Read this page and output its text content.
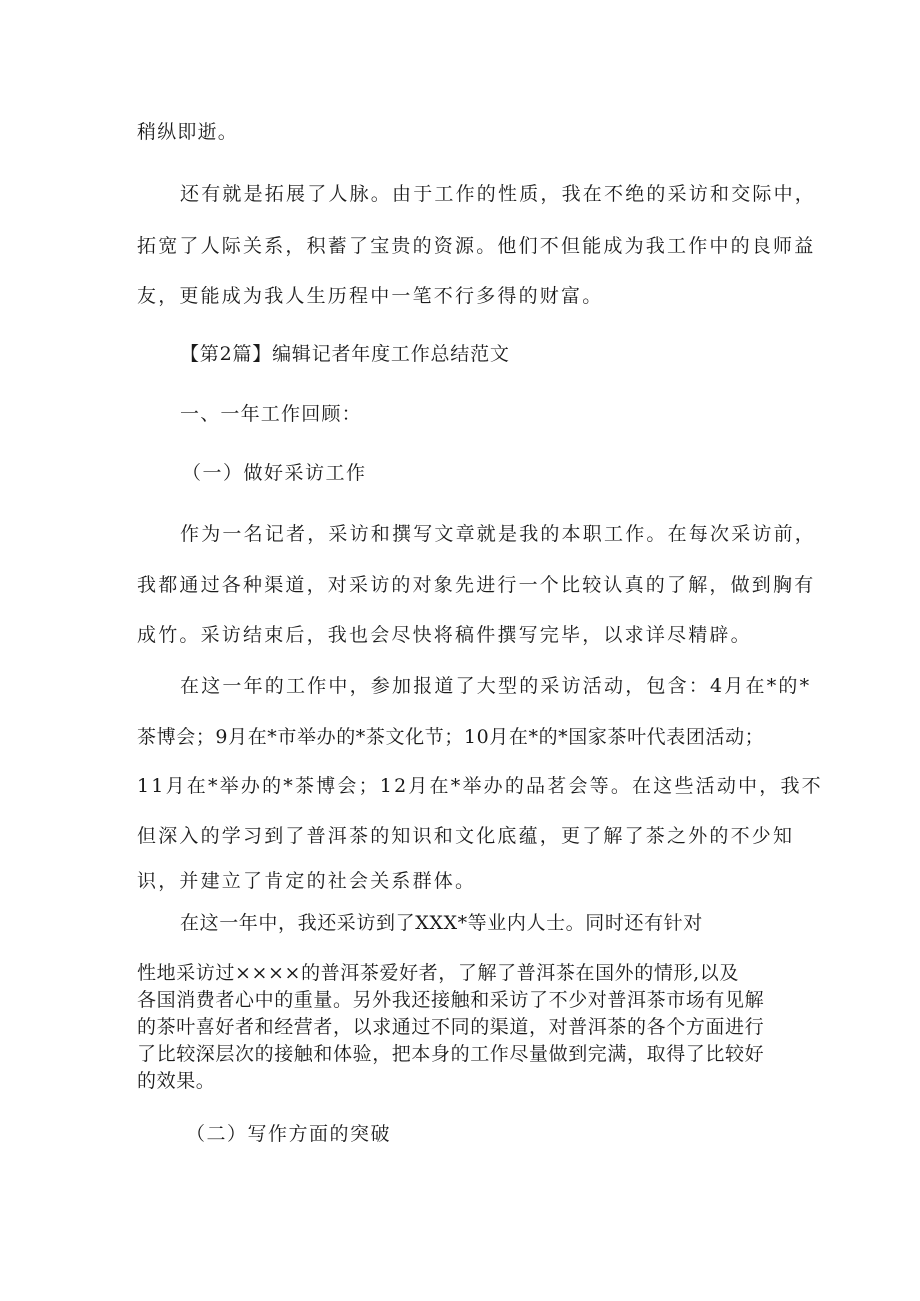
稍纵即逝。

还有就是拓展了人脉。由于工作的性质，我在不绝的采访和交际中，

拓宽了人际关系，积蓄了宝贵的资源。他们不但能成为我工作中的良师益

友，更能成为我人生历程中一笔不行多得的财富。

【第2篇】编辑记者年度工作总结范文

一、一年工作回顾：

（一）做好采访工作

作为一名记者，采访和撰写文章就是我的本职工作。在每次采访前，

我都通过各种渠道，对采访的对象先进行一个比较认真的了解，做到胸有

成竹。采访结束后，我也会尽快将稿件撰写完毕，以求详尽精辟。

在这一年的工作中，参加报道了大型的采访活动，包含：4月在*的*

茶博会；9月在*市举办的*茶文化节；10月在*的*国家茶叶代表团活动；

11月在*举办的*茶博会；12月在*举办的品茗会等。在这些活动中，我不

但深入的学习到了普洱茶的知识和文化底蕴，更了解了茶之外的不少知

识，并建立了肯定的社会关系群体。

在这一年中，我还采访到了XXX*等业内人士。同时还有针对

性地采访过××××的普洱茶爱好者，了解了普洱茶在国外的情形,以及

各国消费者心中的重量。另外我还接触和采访了不少对普洱茶市场有见解

的茶叶喜好者和经营者，以求通过不同的渠道，对普洱茶的各个方面进行

了比较深层次的接触和体验，把本身的工作尽量做到完满，取得了比较好

的效果。

（二）写作方面的突破
